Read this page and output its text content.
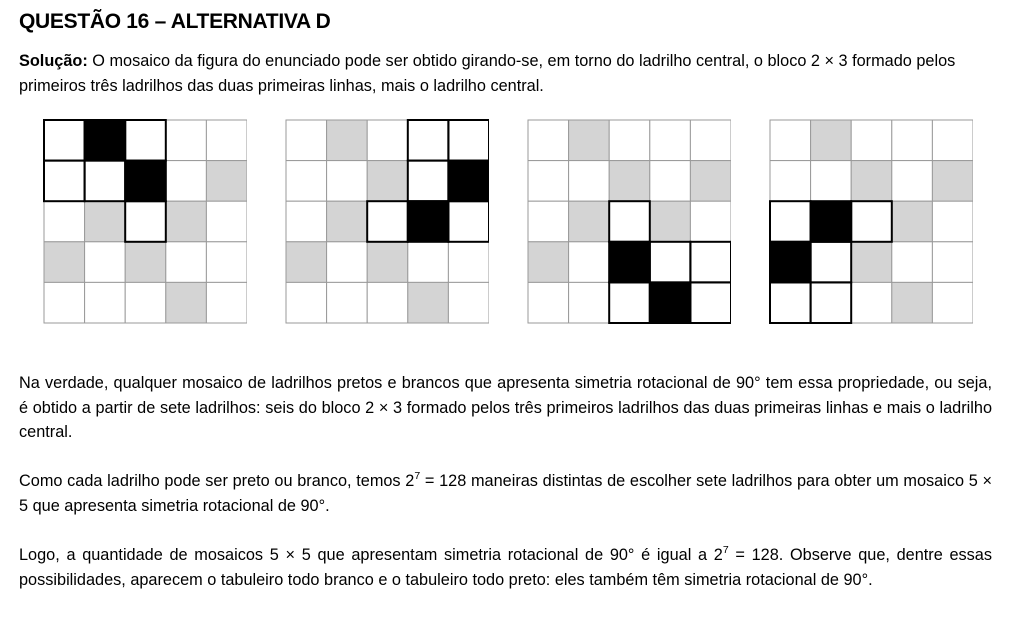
QUESTÃO 16 – ALTERNATIVA D

Solução: O mosaico da figura do enunciado pode ser obtido girando-se, em torno do ladrilho central, o bloco 2 × 3 formado pelos primeiros três ladrilhos das duas primeiras linhas, mais o ladrilho central.

Na verdade, qualquer mosaico de ladrilhos pretos e brancos que apresenta simetria rotacional de 90° tem essa propriedade, ou seja, é obtido a partir de sete ladrilhos: seis do bloco 2 × 3 formado pelos três primeiros ladrilhos das duas primeiras linhas e mais o ladrilho central.

Como cada ladrilho pode ser preto ou branco, temos $2^7 = 128$ maneiras distintas de escolher sete ladrilhos para obter um mosaico 5 × 5 que apresenta simetria rotacional de 90°.

Logo, a quantidade de mosaicos 5 × 5 que apresentam simetria rotacional de 90° é igual a $2^7 = 128$. Observe que, dentre essas possibilidades, aparecem o tabuleiro todo branco e o tabuleiro todo preto: eles também têm simetria rotacional de 90°.
